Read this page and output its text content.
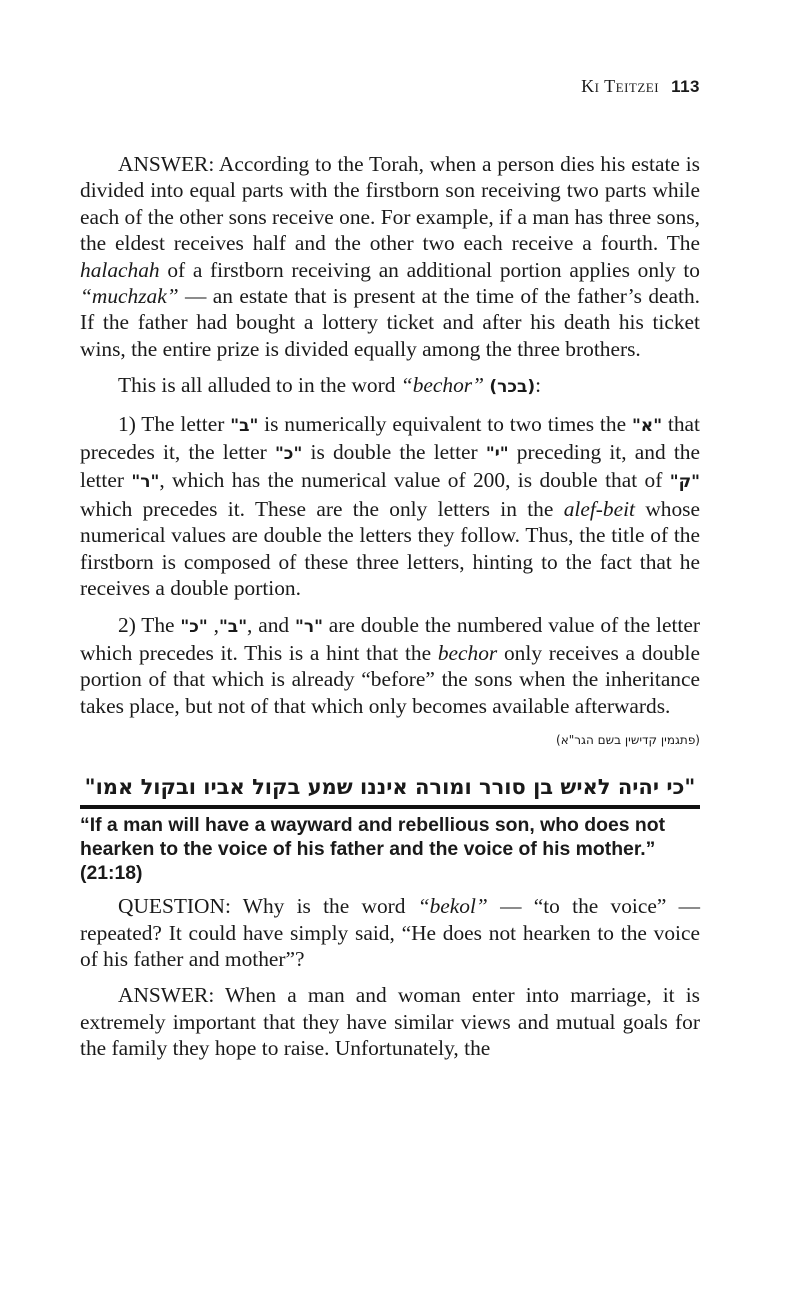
Ki Teitzei 113

ANSWER: According to the Torah, when a person dies his estate is divided into equal parts with the firstborn son receiving two parts while each of the other sons receive one. For example, if a man has three sons, the eldest receives half and the other two each receive a fourth. The halachah of a firstborn receiving an additional portion applies only to “muchzak” — an estate that is present at the time of the father’s death. If the father had bought a lottery ticket and after his death his ticket wins, the entire prize is divided equally among the three brothers.

This is all alluded to in the word “bechor” (בכר):

1) The letter "ב" is numerically equivalent to two times the "א" that precedes it, the letter "כ" is double the letter "י" preceding it, and the letter "ר", which has the numerical value of 200, is double that of "ק" which precedes it. These are the only letters in the alef-beit whose numerical values are double the letters they follow. Thus, the title of the firstborn is composed of these three letters, hinting to the fact that he receives a double portion.

2) The "ב", "כ", and "ר" are double the numbered value of the letter which precedes it. This is a hint that the bechor only receives a double portion of that which is already “before” the sons when the inheritance takes place, but not of that which only becomes available afterwards.

(פתגמין קדישין בשם הגר"א)
"כי יהיה לאיש בן סורר ומורה איננו שמע בקול אביו ובקול אמו"
“If a man will have a wayward and rebellious son, who does not hearken to the voice of his father and the voice of his mother.” (21:18)

QUESTION: Why is the word “bekol” — “to the voice” — repeated? It could have simply said, “He does not hearken to the voice of his father and mother”?

ANSWER: When a man and woman enter into marriage, it is extremely important that they have similar views and mutual goals for the family they hope to raise. Unfortunately, the
